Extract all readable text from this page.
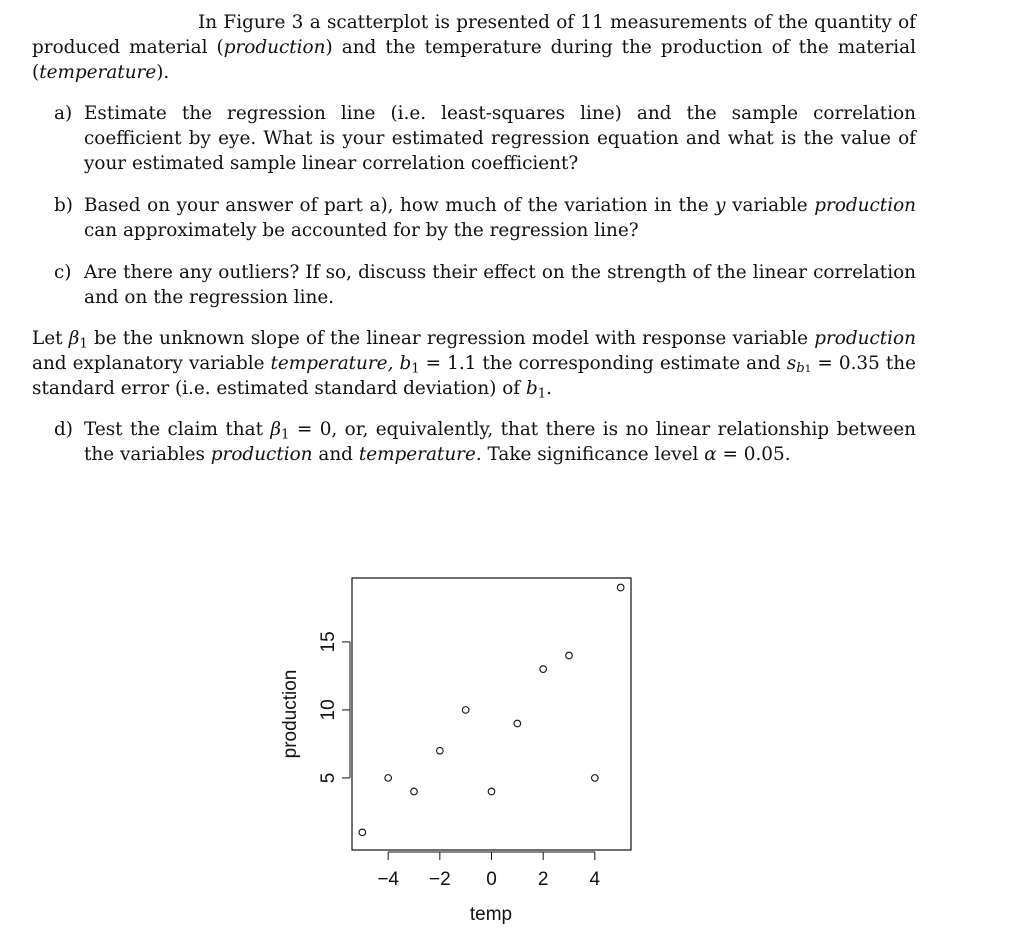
In Figure 3 a scatterplot is presented of 11 measurements of the quantity of produced material (production) and the temperature during the production of the material (temperature).

a) Estimate the regression line (i.e. least-squares line) and the sample correlation coefficient by eye. What is your estimated regression equation and what is the value of your estimated sample linear correlation coefficient?

b) Based on your answer of part a), how much of the variation in the y variable production can approximately be accounted for by the regression line?

c) Are there any outliers? If so, discuss their effect on the strength of the linear correlation and on the regression line.

Let $\beta_1$ be the unknown slope of the linear regression model with response variable production and explanatory variable temperature, $b_1 = 1.1$ the corresponding estimate and $s_{b1} = 0.35$ the standard error (i.e. estimated standard deviation) of $b_1$.

d) Test the claim that $\beta_1 = 0$, or, equivalently, that there is no linear relationship between the variables production and temperature. Take significance level α = 0.05.

−4 −2 0 2 4
5
10
15
temp
production
